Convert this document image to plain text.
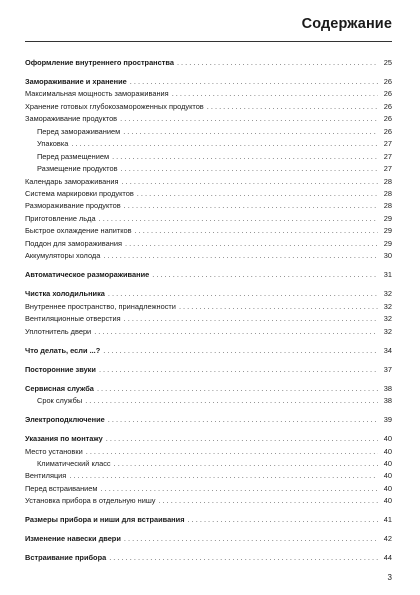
Содержание
Оформление внутреннего пространства . . .	25
Замораживание и хранение . . .	26
Максимальная мощность замораживания . . .	26
Хранение готовых глубокозамороженных продуктов . . .	26
Замораживание продуктов . . .	26
Перед замораживанием . . .	26
Упаковка . . .	27
Перед размещением . . .	27
Размещение продуктов . . .	27
Календарь замораживания . . .	28
Система маркировки продуктов . . .	28
Размораживание продуктов . . .	28
Приготовление льда . . .	29
Быстрое охлаждение напитков . . .	29
Поддон для замораживания . . .	29
Аккумуляторы холода . . .	30
Автоматическое размораживание . . .	31
Чистка холодильника . . .	32
Внутреннее пространство, принадлежности . . .	32
Вентиляционные отверстия . . .	32
Уплотнитель двери . . .	32
Что делать, если ...? . . .	34
Посторонние звуки . . .	37
Сервисная служба . . .	38
Срок службы . . .	38
Электроподключение . . .	39
Указания по монтажу . . .	40
Место установки . . .	40
Климатический класс . . .	40
Вентиляция . . .	40
Перед встраиванием . . .	40
Установка прибора в отдельную нишу . . .	40
Размеры прибора и ниши для встраивания . . .	41
Изменение навески двери . . .	42
Встраивание прибора . . .	44
3
